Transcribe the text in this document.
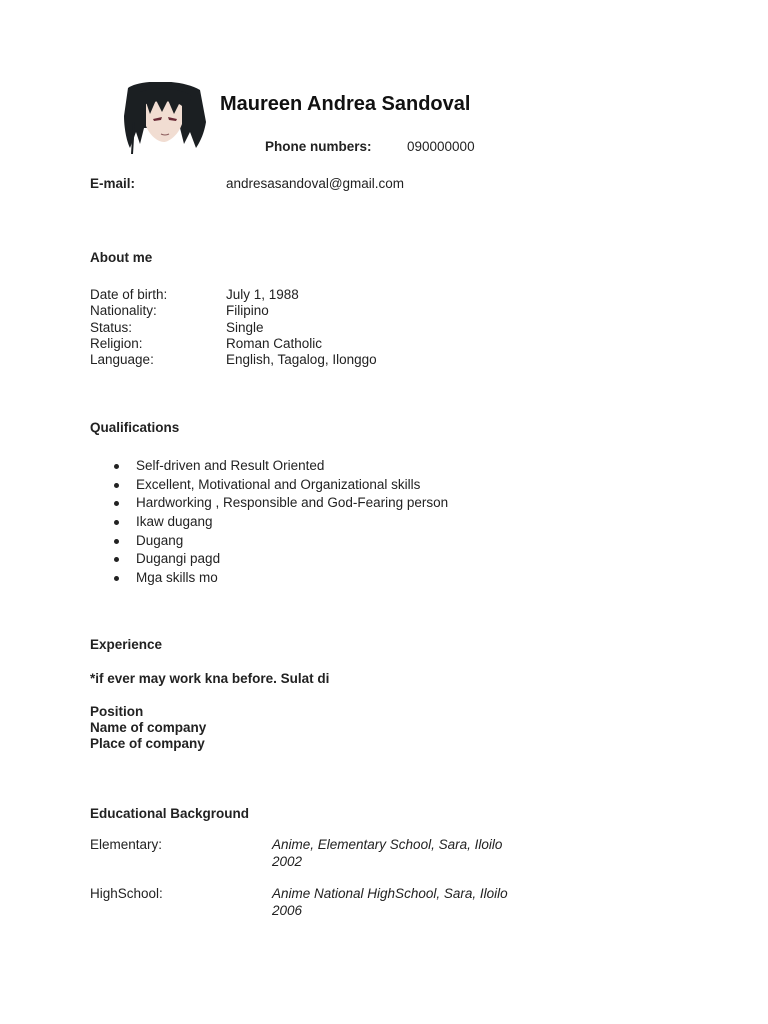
Maureen Andrea Sandoval
Phone numbers:	090000000
E-mail:	andresasandoval@gmail.com
About me
Date of birth:	July 1, 1988
Nationality:	Filipino
Status:	Single
Religion:	Roman Catholic
Language:	English, Tagalog, Ilonggo
Qualifications
Self-driven and Result Oriented
Excellent, Motivational and Organizational skills
Hardworking , Responsible and God-Fearing person
Ikaw dugang
Dugang
Dugangi pagd
Mga skills mo
Experience
*if ever may work kna before. Sulat di
Position
Name of company
Place of company
Educational Background
Elementary:	Anime, Elementary School, Sara, Iloilo
2002
HighSchool:	Anime National HighSchool, Sara, Iloilo
2006
